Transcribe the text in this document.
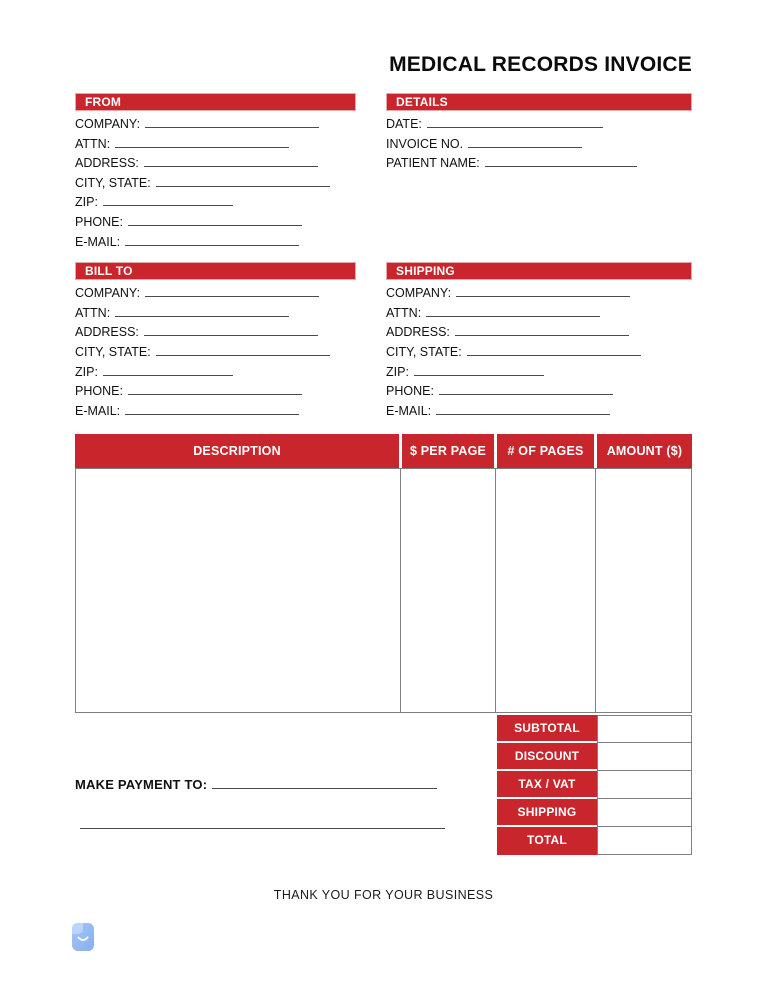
MEDICAL RECORDS INVOICE
FROM
COMPANY:
ATTN:
ADDRESS:
CITY, STATE:
ZIP:
PHONE:
E-MAIL:
DETAILS
DATE:
INVOICE NO.
PATIENT NAME:
BILL TO
COMPANY:
ATTN:
ADDRESS:
CITY, STATE:
ZIP:
PHONE:
E-MAIL:
SHIPPING
COMPANY:
ATTN:
ADDRESS:
CITY, STATE:
ZIP:
PHONE:
E-MAIL:
DESCRIPTION	$ PER PAGE	# OF PAGES	AMOUNT ($)
MAKE PAYMENT TO:
SUBTOTAL
DISCOUNT
TAX / VAT
SHIPPING
TOTAL
THANK YOU FOR YOUR BUSINESS
